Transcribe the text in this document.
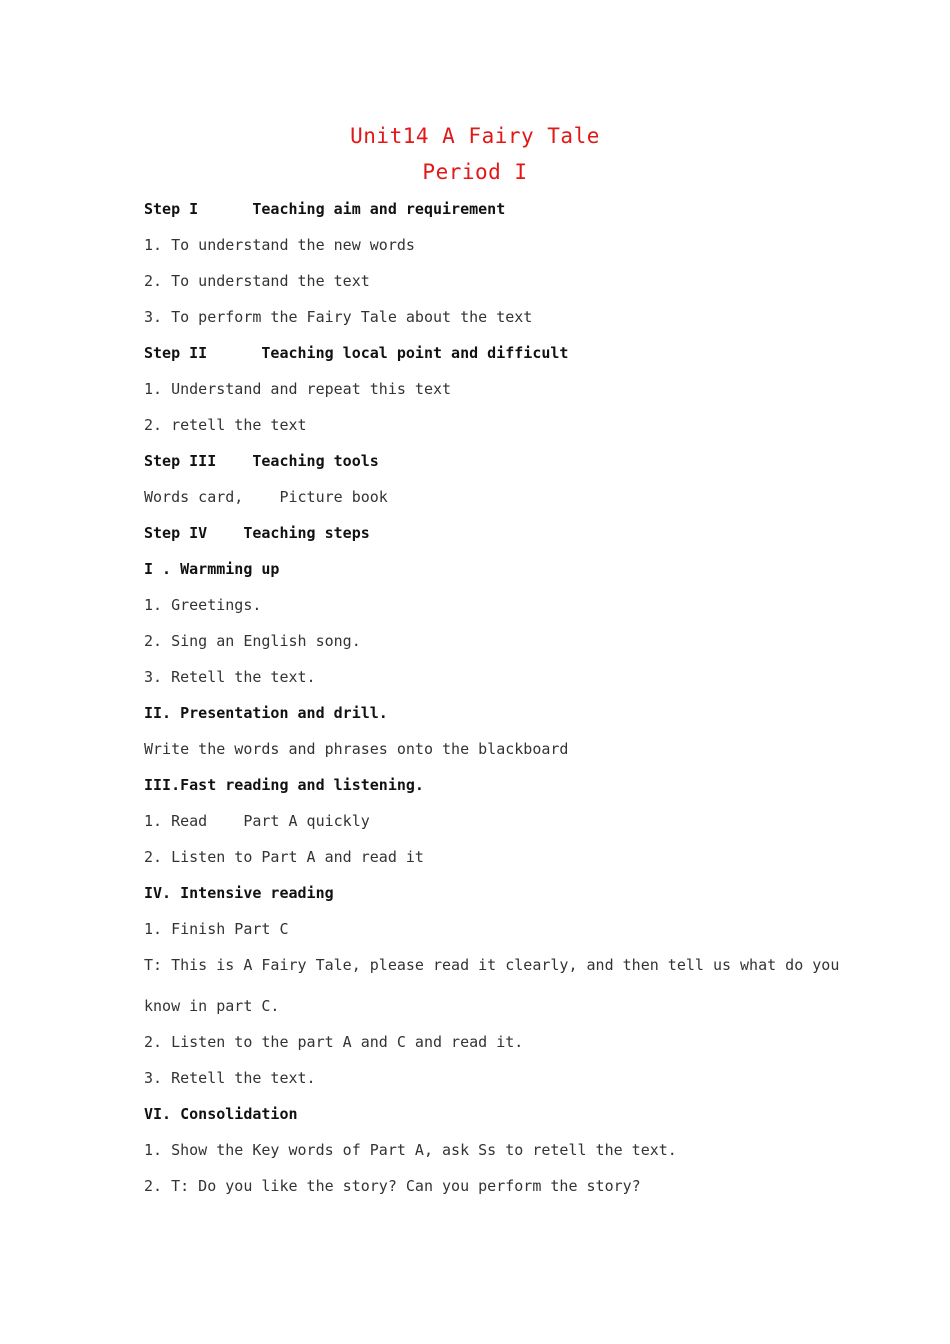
Unit14 A Fairy Tale
Period I

Step I      Teaching aim and requirement

1. To understand the new words

2. To understand the text

3. To perform the Fairy Tale about the text

Step II      Teaching local point and difficult

1. Understand and repeat this text

2. retell the text

Step III    Teaching tools

Words card,    Picture book

Step IV    Teaching steps

I . Warmming up

1. Greetings.

2. Sing an English song.

3. Retell the text.

II. Presentation and drill.

Write the words and phrases onto the blackboard

III.Fast reading and listening.

1. Read    Part A quickly

2. Listen to Part A and read it

IV. Intensive reading

1. Finish Part C

T: This is A Fairy Tale, please read it clearly, and then tell us what do you

know in part C.

2. Listen to the part A and C and read it.

3. Retell the text.

VI. Consolidation

1. Show the Key words of Part A, ask Ss to retell the text.

2. T: Do you like the story? Can you perform the story?
